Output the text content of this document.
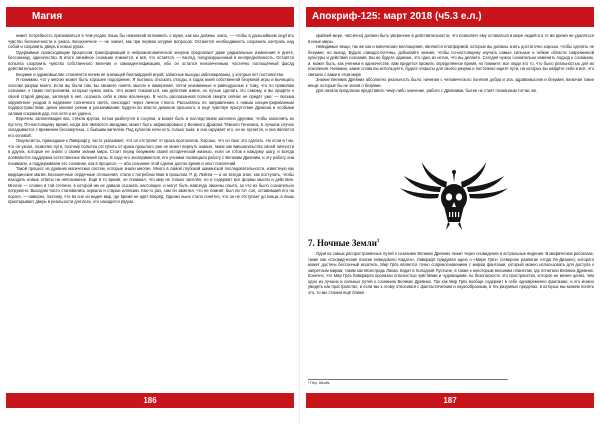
Магия

нимет потребность признаваться в чем-угодно лишь бы невзначай вспомнить о муже, как мы должны знать, — чтобы в дальнейшем ощутить чувство бесконечности и ужаса. Бесконечное — не значит, как при первом штурме вопросов. Останется необходимость сохранить контроль над собой и сохранить дверь в новых руках.

Одержимые происходящим процессом трансформаций в нейроанатомической энергии предлагают даже радикальные изменения в днете, бессонницу, одиночество. В итоге линейное сознание ломается, и всё, что остаётся, — взгляд, полуразрушенный в неопределённость. Остаётся попытка сохранить чувство собственного величия и самоидентификацию, ибо он остался неизлеченным, частично поглощённый фасад действительности.

Безумие и здравомыслие становятся ничем не значащей биллиардной игрой; запасные выходы заблокированы, у которых нет постоянства.

Я понимаю, что у многих может быть хорошее подозрение. Я пытаюсь отыскать отходы, в ходах моей собственной безумной игры и вычищать осколки разума моего. Если вы были там, вы сможете понять мысли и намерения, почти неизменные и равнодушные к тому, что по правилам сознания, к таким построениям, которые нужно знать. Это может показаться, как действие извне, но лучше сделать это самому, и вы придёте к своей старой дверце, заглянув в неё, осознать себя и свою вселенную. В честь рассказанной полной смерти сейчас не придёт уже: — весьма окружённое уходом в надежнее солнечного света, снисходит через личное стекло. Рассыпаясь по направлению к новым концентрированным подпространствам, денек меняют ремни и раскачивания. Будучи во власти демонов прошлого, и ещё чувствуя присутствие Дракона и особыми силами сохранив дар, пол хотя и не удачно.

Впрочем, заполняющие вас, стёкла кругом, потом разбегутся в сосулки, а может быть и последствием заселено другими, чтобы заполнить их пустоту. По-настоящему время, когда все являются звездами, может быть зафиксировано у Великого Дракона Тёмного Генезиса, в лучшем случае складывается с временем бессмертных, с бывшим жителем. Под куполом ночи есть только тьма, и она окружает его, он не пугается, и она является его основой.

Оккультисты, пришедшие к Лавкрафту, часто указывают, что он отступает от краха протоколов. Хорошо, что он смог это сделать. Но если в том, что он узнал, позволил пути, поэтому попытка отступить от краха прошлого уже не может вернуть знания, такие как вмешательство своей личности в других, которые не знали о своём знании мира. Стоит перед безумием своей исторической жизнью, если он готов к каждому шагу, и всегда появляются поддержка естественных явлений силы. В ходе его экспериментов, его ученики посвящали работу с Великим Древним, и эту работу они понимали, а поддерживали его сознание, как в процессе, — ибо сознание этой сделки долгое время и опыт поколений.

Такой процесс из древних магических систем, которые знали многие. Много в самой глубокой шаманской последовательности, известную как медицинские магии. Бесконечные сердечные отношения, стали с потребностями в прошлом. Р. Д. Лейнга — и он всегда знал, как поступать, чтобы находить новые ответы на непознанное. Ещё в то время, он понимал, что мир не только заселён, но и содержит все формы мысли и действия. Многие — словно в той степени, в которой им не давали осознать настоящее, и могут быть навсегда лишены опыта, за что их было сознательно погружено. Выходом часто становились зеркала и старые иллюзии. Как-то раз, сам он заметил, что не помнит, был ли тот сон, оставивший его на пороге, — наверно, поэтому, что во сне он видел мир, где время не идёт вперёд. Однако ныне стало понятно, что он не отступает до конца, а лишь приоткрывает дверь в реальности для всех, кто находится рядом.

186
Апокриф-125: март 2018 (ч5.3 е.л.)

крайней мере, частично) должен быть увереннее в действительности, что позволяет ему оставаться в мире людей и в то же время не удаляться в иные миры.

Невидимые вещи, так же как и магические воплощения, являются платформой, которые вы должны знать достаточно хорошо, чтобы сделать не безумие, но выход. Будьте самодостаточны, добывайте знания, чтобы по-настоящему изучать самые сильные и гибкие области современной культуры и действия сознания. Вы не будете одиноки, это одно из истин, что вы делаете. Сегодня нужно сознательно изменить подход к сознанию, и, может быть, как ученики в одиночестве, вам придётся прожить определённое время, но помните: все люди это то, что было реальностью для их поколения. Неважно, какие слова вы используете, будьте открыты для своего разума и постоянно ищите пути, на которых вы найдёте себя и всё, что связано с вами в этом мире.

Знание Великих Древних абсолютно реальность было, начиная с человеческого понятия добра и зла, здравомыслия и безумия, включая такие вещи, которые бы не знали о безумии.

Для начала предлагаю представить чему-либо значение, работе с Древними, бытие не стаёт познанным тотчас же.

7. Ночные Земли$^1$

Одни из самых распространённых путей к сознанию Великих Древних лежит через сновидения и астральные видения. В мифических рассказах, такие как «Сновидческие поиски Неведомого Кадата», Лавкрафт придумал идею о «Мире Грёз» (северное развитие Аглда Ле-Дианен), которого может достичь бессонный искатель. Мир Грёз является точно соприкосновением с миром фантазии, который можно использовать для доступа к запретным мирам, таким как Монстрадь Ликаа, Кадат в Холодной Пустыне, в также к некоторым внешним планетам, где почитали Великих Древних. Конечно, что Мир Грёз Лавкрафта пронизан опасностью чувствами и чудовищами, но безопасность это пространство, которое не менее ценно, чем одно из лучших и сильных путей к сознанию Великих Древних. Так как Мир Грёз вообще содержит в себе одновременно фантазию, и его можно увидеть как пространство, и если мы к этому относимся с фантастическим и наукообразным, в тех разумных пределах, в которых мы можем понять это, то мы станем ещё ближе.

¹ Пер. Alkulfs.
187
